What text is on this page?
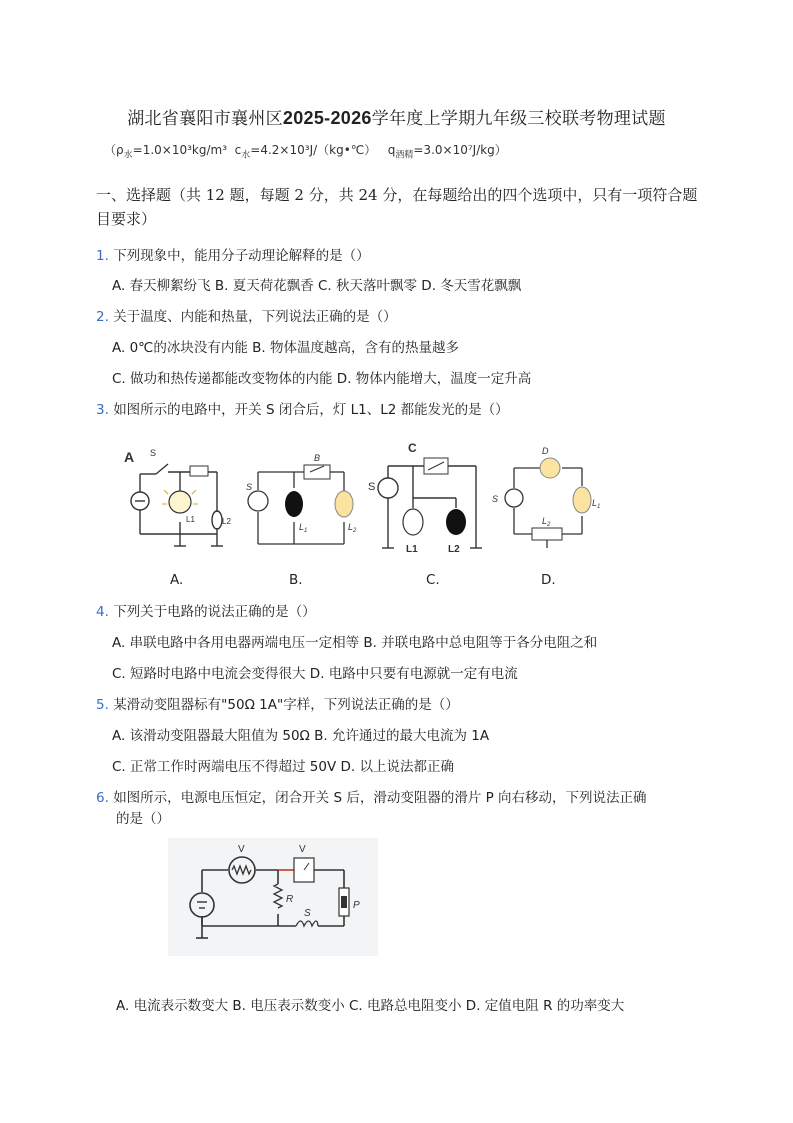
湖北省襄阳市襄州区2025-2026学年度上学期九年级三校联考物理试题
（$\rho_水=1.0\times 10^3kg/m^3$ $c_水=4.2\times 10^3J/(kg•℃)$ $q_{酒精}=3.0\times 10^7J/kg$）
一、选择题（共 12 题，每题 2 分，共 24 分，在每题给出的四个选项中，只有一项符合题目要求）
1. 下列现象中，能用分子动理论解释的是（）
A. 春天柳絮纷飞 B. 夏天荷花飘香 C. 秋天落叶飘零 D. 冬天雪花飘飘
2. 关于温度、内能和热量，下列说法正确的是（）
A. 0℃的冰块没有内能 B. 物体温度越高，含有的热量越多
C. 做功和热传递都能改变物体的内能 D. 物体内能增大，温度一定升高
3. 如图所示的电路中，开关 S 闭合后，灯 L1、L2 都能发光的是（）
A S
L1	L2
B
S
$L_1$	$L_2$
C
S
L1	L2
D
S	$L_1$
$L_2$
A.	B.	C.	D.
4. 下列关于电路的说法正确的是（）
A. 串联电路中各用电器两端电压一定相等 B. 并联电路中总电阻等于各分电阻之和
C. 短路时电路中电流会变得很大 D. 电路中只要有电源就一定有电流
5. 某滑动变阻器标有"50Ω 1A"字样，下列说法正确的是（）
A. 该滑动变阻器最大阻值为 50Ω B. 允许通过的最大电流为 1A
C. 正常工作时两端电压不得超过 50V D. 以上说法都正确
6. 如图所示，电源电压恒定，闭合开关 S 后，滑动变阻器的滑片 P 向右移动，下列说法正确
的是（）
V	V
R
S
P
A. 电流表示数变大 B. 电压表示数变小 C. 电路总电阻变小 D. 定值电阻 R 的功率变大
